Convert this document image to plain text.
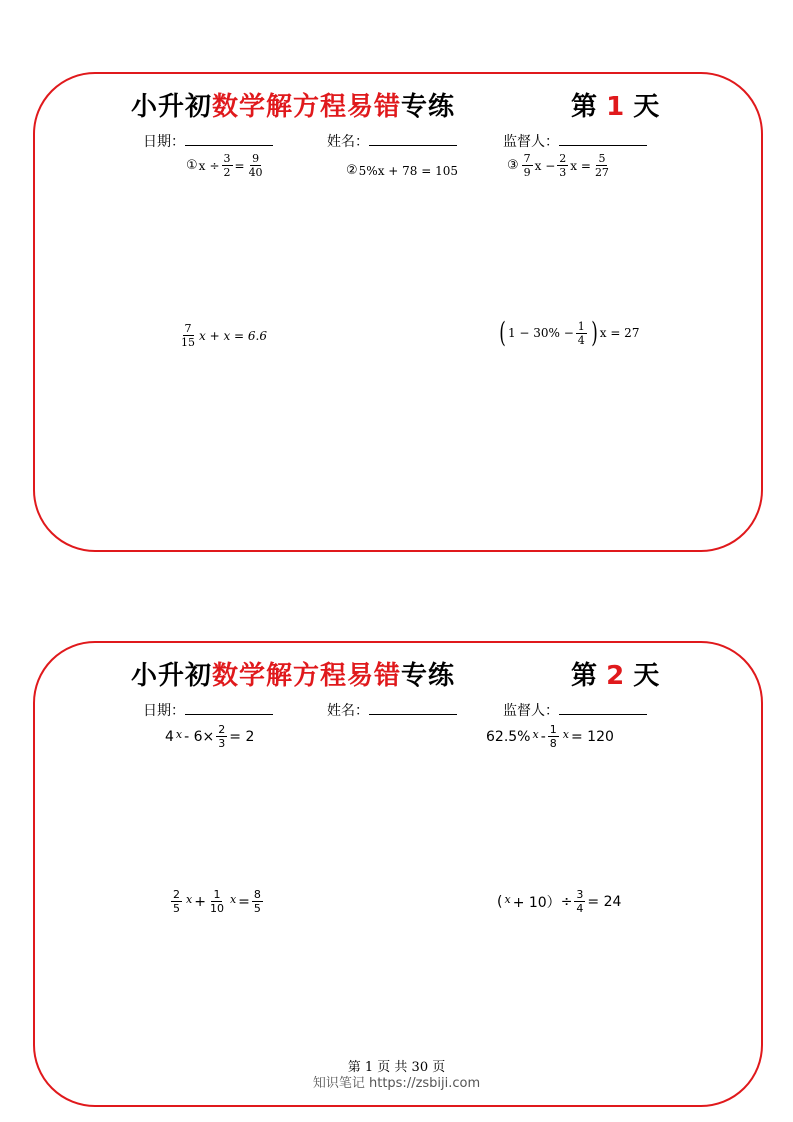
小升初数学解方程易错专练	第 1 天
日期：	姓名：	监督人：
① $x \div \frac{3}{2} = \frac{9}{40}$	② 5%x + 78 = 105	③ $\frac{7}{9}$ $x - \frac{2}{3}$ $x = \frac{5}{27}$
$\frac{7}{15}$ x + x = 6.6	( $1 - 30\% - \frac{1}{4}$ ) x = 27
小升初数学解方程易错专练	第 2 天
日期：	姓名：	监督人：
4 $x - 6\times \frac{2}{3} = 2$	62.5% x - $\frac{1}{8}$ x = 120
$\frac{2}{5}$ $x + \frac{1}{10}$ $x = \frac{8}{5}$	( $x + 10) \div \frac{3}{4} = 24$
第 1 页 共 30 页
知识笔记 https://zsbiji.com
